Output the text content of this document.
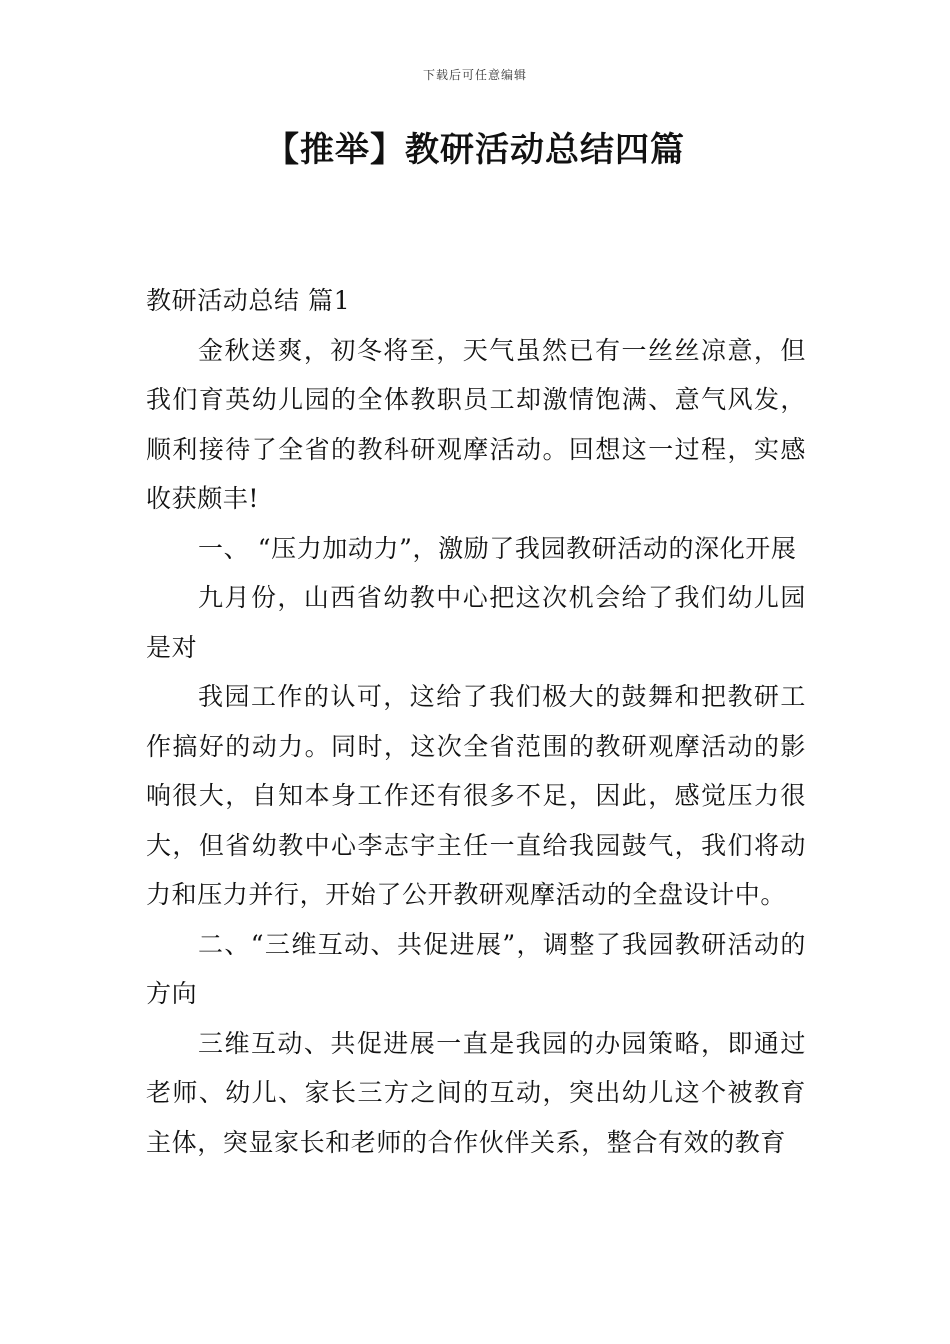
下载后可任意编辑
【推举】教研活动总结四篇

教研活动总结 篇1

金秋送爽，初冬将至，天气虽然已有一丝丝凉意，但我们育英幼儿园的全体教职员工却激情饱满、意气风发，顺利接待了全省的教科研观摩活动。回想这一过程，实感收获颇丰!

一、 “压力加动力”，激励了我园教研活动的深化开展

九月份，山西省幼教中心把这次机会给了我们幼儿园是对

我园工作的认可，这给了我们极大的鼓舞和把教研工作搞好的动力。同时，这次全省范围的教研观摩活动的影响很大，自知本身工作还有很多不足，因此，感觉压力很大，但省幼教中心李志宇主任一直给我园鼓气，我们将动力和压力并行，开始了公开教研观摩活动的全盘设计中。

二、“三维互动、共促进展”，调整了我园教研活动的方向

三维互动、共促进展一直是我园的办园策略，即通过老师、幼儿、家长三方之间的互动，突出幼儿这个被教育主体，突显家长和老师的合作伙伴关系，整合有效的教育
